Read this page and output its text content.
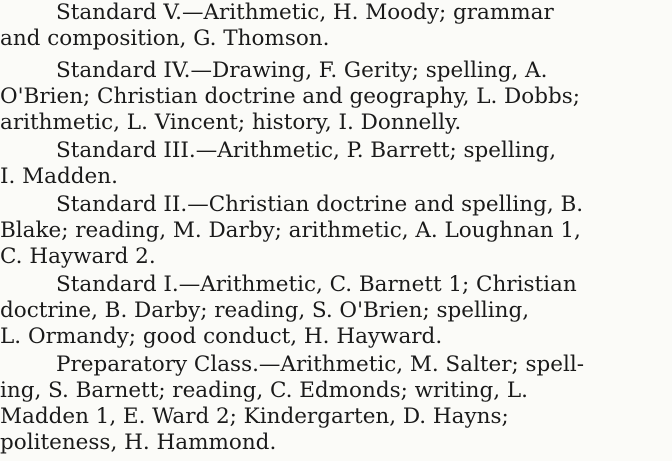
Standard V.—Arithmetic, H. Moody; grammar
and composition, G. Thomson.
Standard IV.—Drawing, F. Gerity; spelling, A.
O'Brien; Christian doctrine and geography, L. Dobbs;
arithmetic, L. Vincent; history, I. Donnelly.
Standard III.—Arithmetic, P. Barrett; spelling,
I. Madden.
Standard II.—Christian doctrine and spelling, B.
Blake; reading, M. Darby; arithmetic, A. Loughnan 1,
C. Hayward 2.
Standard I.—Arithmetic, C. Barnett 1; Christian
doctrine, B. Darby; reading, S. O'Brien; spelling,
L. Ormandy; good conduct, H. Hayward.
Preparatory Class.—Arithmetic, M. Salter; spell-
ing, S. Barnett; reading, C. Edmonds; writing, L.
Madden 1, E. Ward 2; Kindergarten, D. Hayns;
politeness, H. Hammond.
